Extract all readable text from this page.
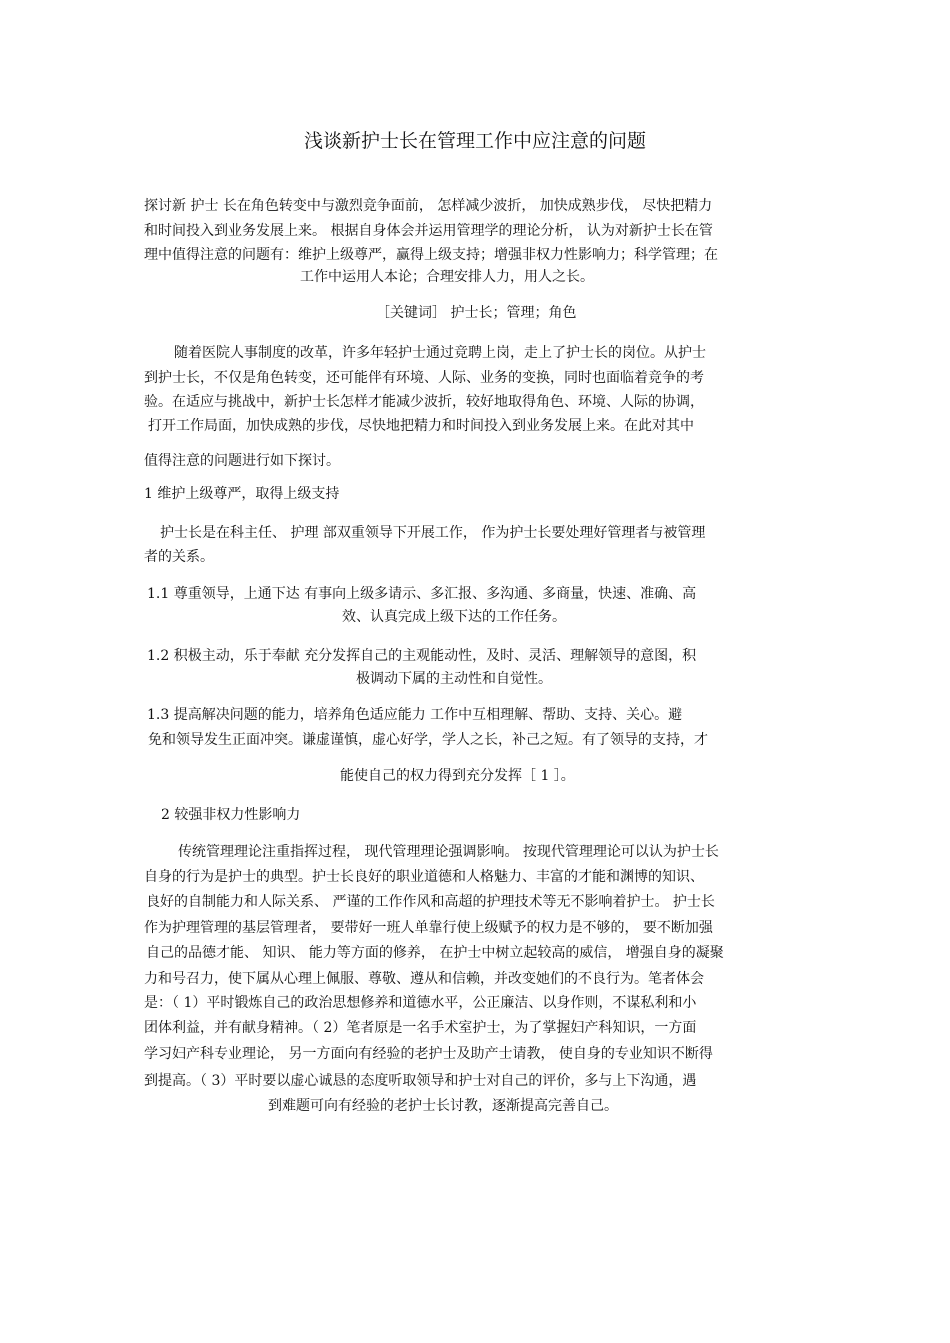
浅谈新护士长在管理工作中应注意的问题
探讨新 护士 长在角色转变中与激烈竞争面前， 怎样减少波折， 加快成熟步伐， 尽快把精力
和时间投入到业务发展上来。 根据自身体会并运用管理学的理论分析， 认为对新护士长在管
理中值得注意的问题有：维护上级尊严，赢得上级支持；增强非权力性影响力；科学管理；在
工作中运用人本论；合理安排人力，用人之长。
［关键词］ 护士长；管理；角色
随着医院人事制度的改革，许多年轻护士通过竞聘上岗，走上了护士长的岗位。从护士
到护士长，不仅是角色转变，还可能伴有环境、人际、业务的变换，同时也面临着竞争的考
验。在适应与挑战中，新护士长怎样才能减少波折，较好地取得角色、环境、人际的协调，
打开工作局面，加快成熟的步伐，尽快地把精力和时间投入到业务发展上来。在此对其中
值得注意的问题进行如下探讨。
1 维护上级尊严，取得上级支持
护士长是在科主任、 护理 部双重领导下开展工作， 作为护士长要处理好管理者与被管理
者的关系。
1.1 尊重领导，上通下达 有事向上级多请示、多汇报、多沟通、多商量，快速、准确、高
效、认真完成上级下达的工作任务。
1.2 积极主动，乐于奉献 充分发挥自己的主观能动性，及时、灵活、理解领导的意图，积
极调动下属的主动性和自觉性。
1.3 提高解决问题的能力，培养角色适应能力 工作中互相理解、帮助、支持、关心。避
免和领导发生正面冲突。谦虚谨慎，虚心好学，学人之长，补己之短。有了领导的支持，才
能使自己的权力得到充分发挥［ 1 ］。
2 较强非权力性影响力
传统管理理论注重指挥过程， 现代管理理论强调影响。 按现代管理理论可以认为护士长
自身的行为是护士的典型。护士长良好的职业道德和人格魅力、丰富的才能和渊博的知识、
良好的自制能力和人际关系、 严谨的工作作风和高超的护理技术等无不影响着护士。 护士长
作为护理管理的基层管理者， 要带好一班人单靠行使上级赋予的权力是不够的， 要不断加强
自己的品德才能、 知识、 能力等方面的修养， 在护士中树立起较高的威信， 增强自身的凝聚
力和号召力，使下属从心理上佩服、尊敬、遵从和信赖，并改变她们的不良行为。笔者体会
是：（ 1）平时锻炼自己的政治思想修养和道德水平，公正廉洁、以身作则，不谋私利和小
团体利益，并有献身精神。（ 2）笔者原是一名手术室护士，为了掌握妇产科知识，一方面
学习妇产科专业理论， 另一方面向有经验的老护士及助产士请教， 使自身的专业知识不断得
到提高。（ 3）平时要以虚心诚恳的态度听取领导和护士对自己的评价，多与上下沟通，遇
到难题可向有经验的老护士长讨教，逐渐提高完善自己。
